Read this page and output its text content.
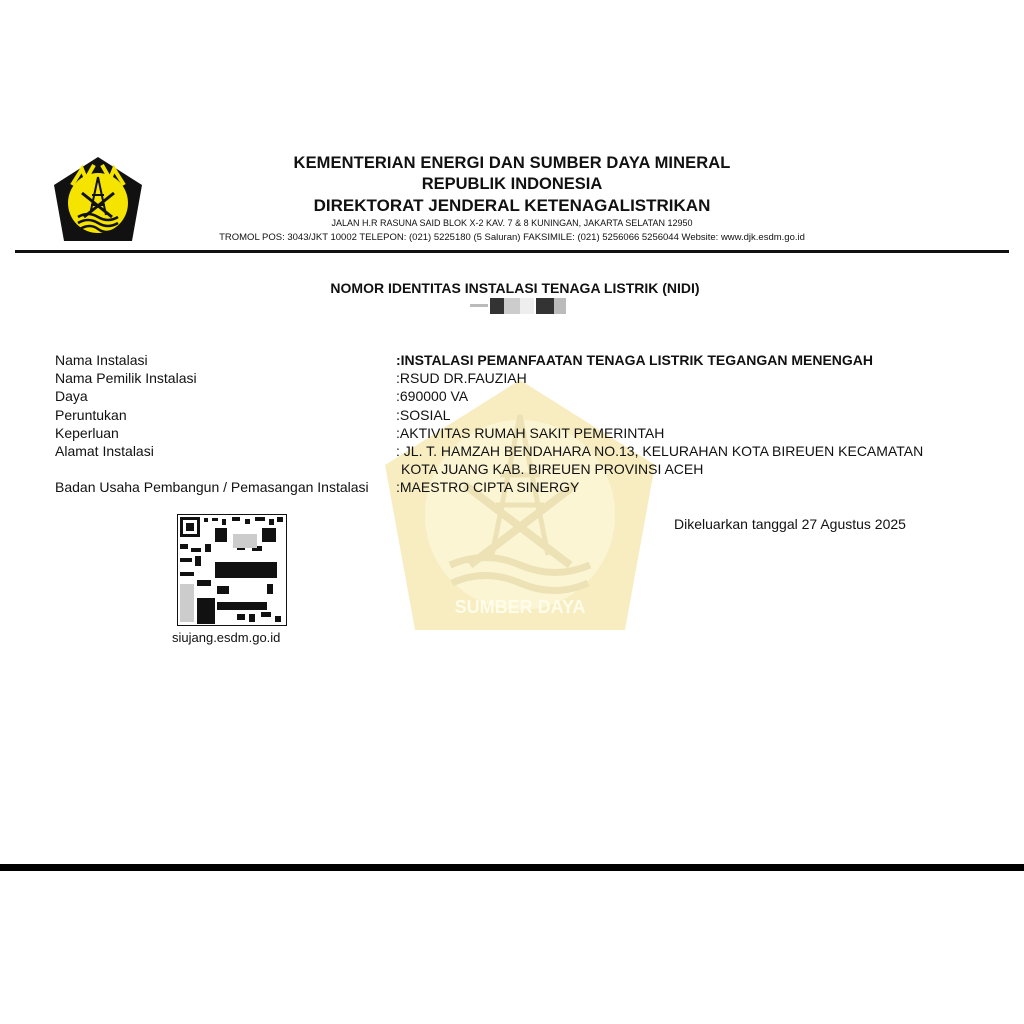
KEMENTERIAN ENERGI DAN SUMBER DAYA MINERAL
REPUBLIK INDONESIA
DIREKTORAT JENDERAL KETENAGALISTRIKAN
JALAN H.R RASUNA SAID BLOK X-2 KAV. 7 & 8 KUNINGAN, JAKARTA SELATAN 12950
TROMOL POS: 3043/JKT 10002 TELEPON: (021) 5225180 (5 Saluran) FAKSIMILE: (021) 5256066 5256044 Website: www.djk.esdm.go.id
NOMOR IDENTITAS INSTALASI TENAGA LISTRIK (NIDI)
SUMBER DAYA
Nama Instalasi	:INSTALASI PEMANFAATAN TENAGA LISTRIK TEGANGAN MENENGAH
Nama Pemilik Instalasi	:RSUD DR.FAUZIAH
Daya	:690000 VA
Peruntukan	:SOSIAL
Keperluan	:AKTIVITAS RUMAH SAKIT PEMERINTAH
Alamat Instalasi	: JL. T. HAMZAH BENDAHARA NO.13, KELURAHAN KOTA BIREUEN KECAMATAN
KOTA JUANG KAB. BIREUEN PROVINSI ACEH
Badan Usaha Pembangun / Pemasangan Instalasi :MAESTRO CIPTA SINERGY
siujang.esdm.go.id
Dikeluarkan tanggal 27 Agustus 2025
